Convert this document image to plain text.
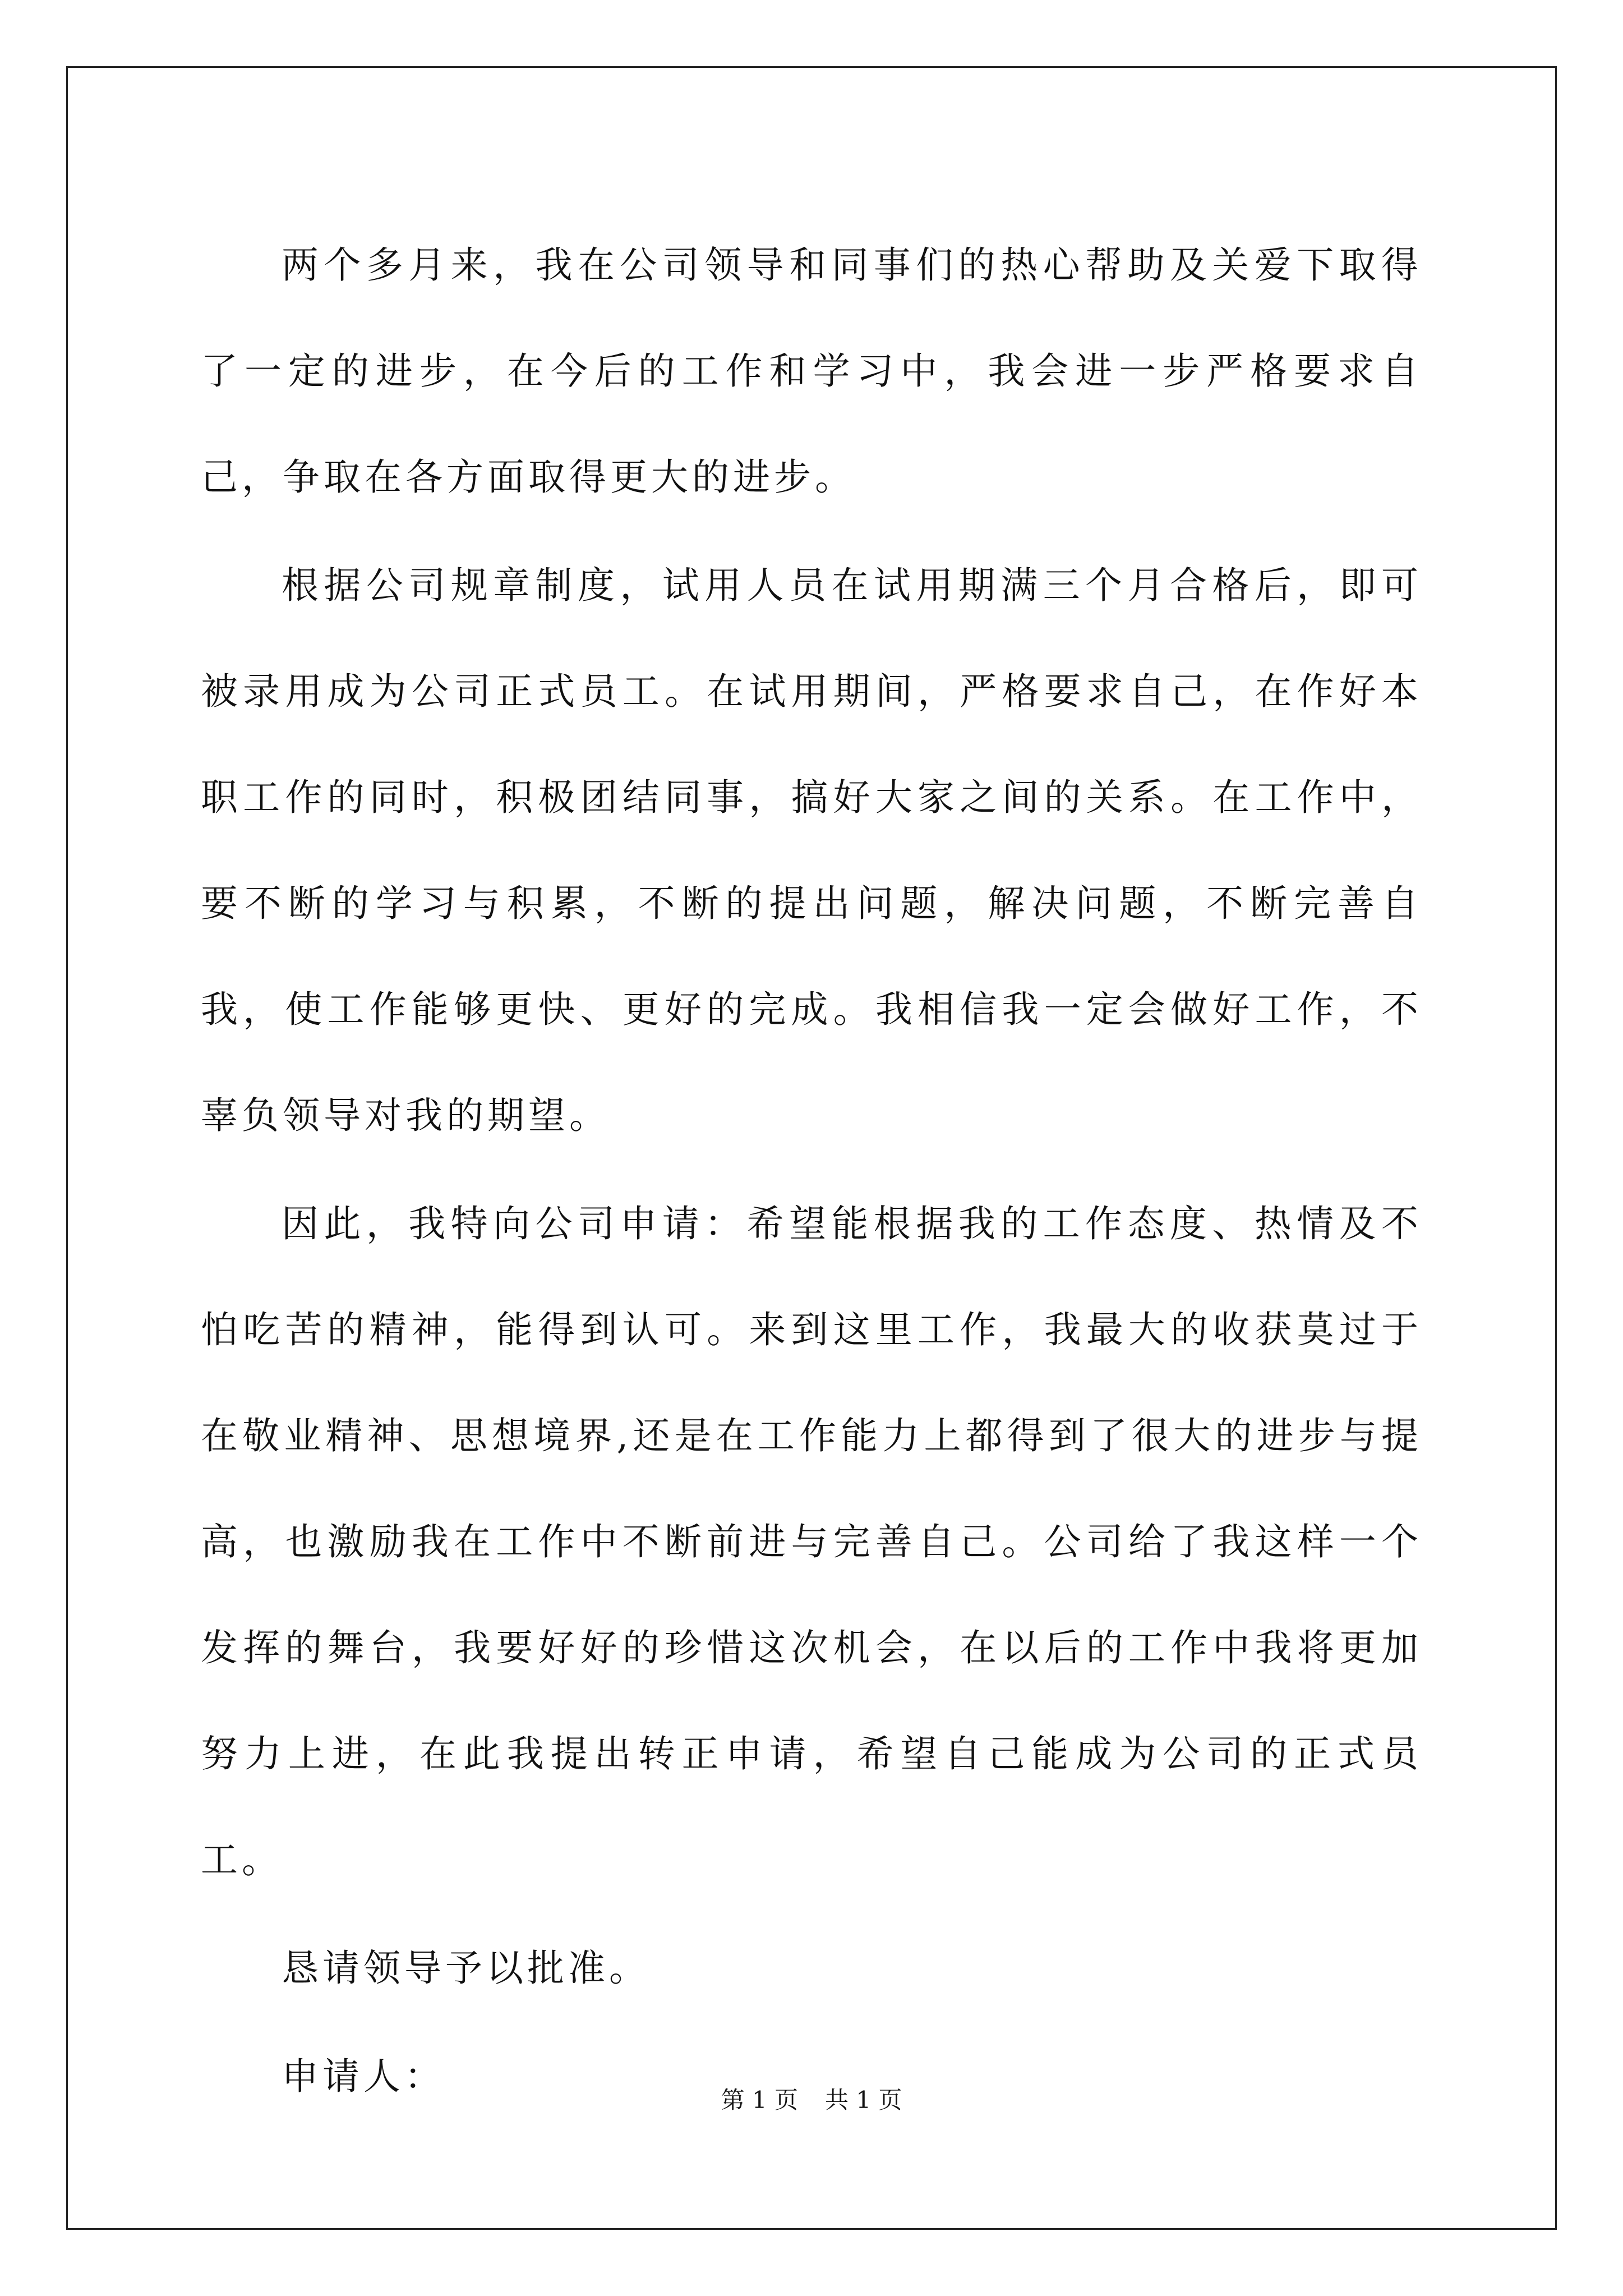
两个多月来，我在公司领导和同事们的热心帮助及关爱下取得了一定的进步，在今后的工作和学习中，我会进一步严格要求自己，争取在各方面取得更大的进步。

根据公司规章制度，试用人员在试用期满三个月合格后，即可被录用成为公司正式员工。在试用期间，严格要求自己，在作好本职工作的同时，积极团结同事，搞好大家之间的关系。在工作中，要不断的学习与积累，不断的提出问题，解决问题，不断完善自我，使工作能够更快、更好的完成。我相信我一定会做好工作，不辜负领导对我的期望。

因此，我特向公司申请：希望能根据我的工作态度、热情及不怕吃苦的精神，能得到认可。来到这里工作，我最大的收获莫过于在敬业精神、思想境界,还是在工作能力上都得到了很大的进步与提高，也激励我在工作中不断前进与完善自己。公司给了我这样一个发挥的舞台，我要好好的珍惜这次机会，在以后的工作中我将更加努力上进，在此我提出转正申请，希望自己能成为公司的正式员工。

恳请领导予以批准。

申请人：

第 1 页 共 1 页
